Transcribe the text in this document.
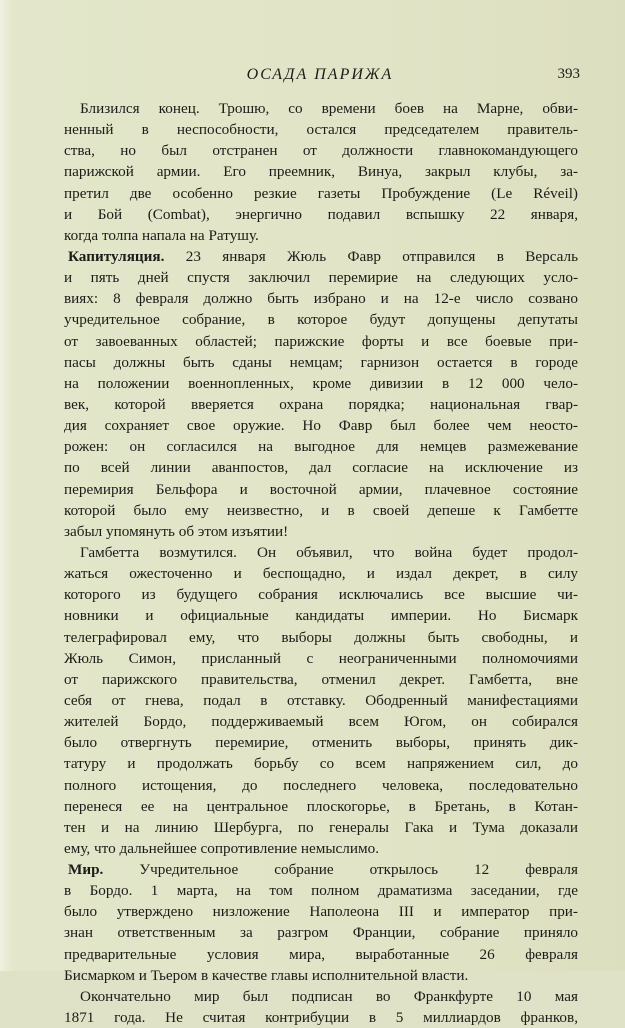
ОСАДА ПАРИЖА	393
Близился конец. Трошю, со времени боев на Марне, обви-
ненный в неспособности, остался председателем правитель-
ства, но был отстранен от должности главнокомандующего
парижской армии. Его преемник, Винуа, закрыл клубы, за-
претил две особенно резкие газеты Пробуждение (Le Réveil)
и Бой (Combat), энергично подавил вспышку 22 января,
когда толпа напала на Ратушу.
Капитуляция. 23 января Жюль Фавр отправился в Версаль
и пять дней спустя заключил перемирие на следующих усло-
виях: 8 февраля должно быть избрано и на 12-е число созвано
учредительное собрание, в которое будут допущены депутаты
от завоеванных областей; парижские форты и все боевые при-
пасы должны быть сданы немцам; гарнизон остается в городе
на положении военнопленных, кроме дивизии в 12 000 чело-
век, которой вверяется охрана порядка; национальная гвар-
дия сохраняет свое оружие. Но Фавр был более чем неосто-
рожен: он согласился на выгодное для немцев размежевание
по всей линии аванпостов, дал согласие на исключение из
перемирия Бельфора и восточной армии, плачевное состояние
которой было ему неизвестно, и в своей депеше к Гамбетте
забыл упомянуть об этом изъятии!
Гамбетта возмутился. Он объявил, что война будет продол-
жаться ожесточенно и беспощадно, и издал декрет, в силу
которого из будущего собрания исключались все высшие чи-
новники и официальные кандидаты империи. Но Бисмарк
телеграфировал ему, что выборы должны быть свободны, и
Жюль Симон, присланный с неограниченными полномочиями
от парижского правительства, отменил декрет. Гамбетта, вне
себя от гнева, подал в отставку. Ободренный манифестациями
жителей Бордо, поддерживаемый всем Югом, он собирался
было отвергнуть перемирие, отменить выборы, принять дик-
татуру и продолжать борьбу со всем напряжением сил, до
полного истощения, до последнего человека, последовательно
перенеся ее на центральное плоскогорье, в Бретань, в Котан-
тен и на линию Шербурга, по генералы Гака и Тума доказали
ему, что дальнейшее сопротивление немыслимо.
Мир. Учредительное собрание открылось 12 февраля
в Бордо. 1 марта, на том полном драматизма заседании, где
было утверждено низложение Наполеона III и император при-
знан ответственным за разгром Франции, собрание приняло
предварительные условия мира, выработанные 26 февраля
Бисмарком и Тьером в качестве главы исполнительной власти.
Окончательно мир был подписан во Франкфурте 10 мая
1871 года. Не считая контрибуции в 5 миллиардов франков,
